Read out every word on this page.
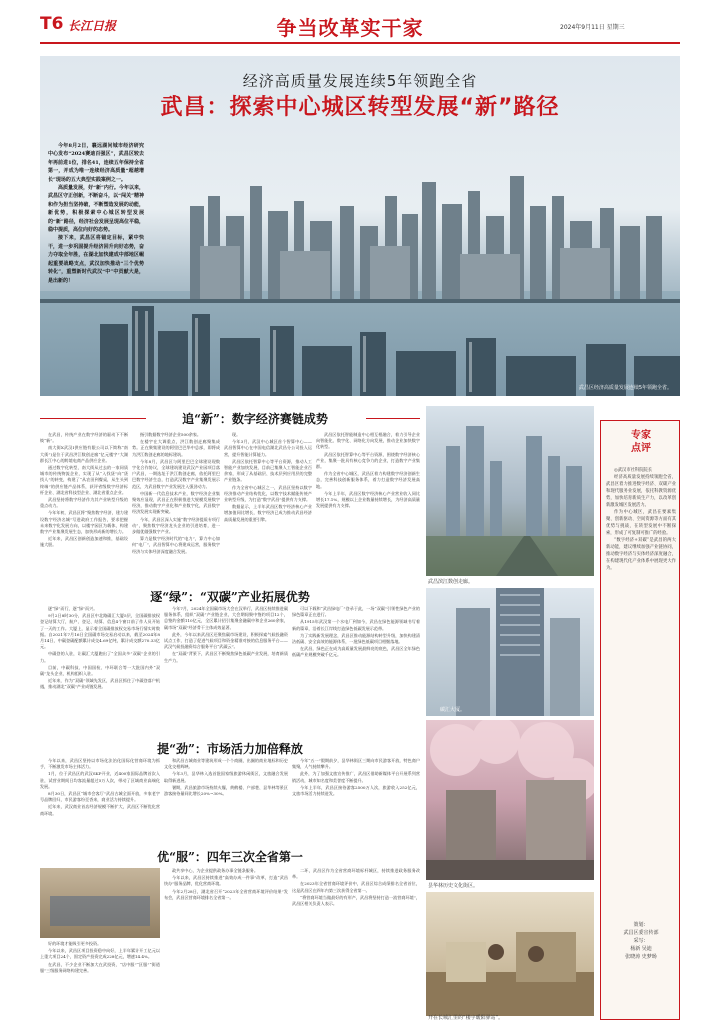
T6 长江日报	争当改革实干家	2024年9月11日 星期三
经济高质量发展连续5年领跑全省
武昌：探索中心城区转型发展“新”路径
武昌区经济高质量发展连续5年领跑全省。

今年8月2日，襄远湖问城市经济研究中心发布“2024赛迪百强区”，武昌区较去年再前进1位，排名41，连续五年保持全省第一，并成为唯一连续经济高质量“超越增长”现场的五大典型实践案例之一。

高质量发展，好“新”内行。今年以来，武昌区守正创新，不断奋斗，以“闯关”精神和作为担当坚持破，不断塑造发展的动能，新优势，积极探索中心城区转型发展的“新”路径，经济社会发展呈现高位平稳，稳中提质，高位向好的态势。

接下来，武昌区将锚定目标，紧中快干，进一步巩固提升经济回升向好态势，奋力夺取全年胜，在湖北加快建成中部地区崛起重要战略支点，武汉加快推动“三个优势转化”，重塑新时代武汉“中”中贡献大是，是出新的！

追“新”：数字经济赛链成势

在武昌，传统产业在数字经济的驱动下不断焕“新”。

南大街X武汉I供应链有限公司以下简称“南大街”)是位于武昌洪江数创走廊“亿元楼宇”大湖群长江中心的跨境电商产品供应企业。

通过数字化转型，南大街从过去的一家同质城市的传统物流企业，实现了从“入找货”向“货找人”的转变，构建了“从农田到餐桌，从生头到终端”的供应链产品体系，获评省级数字经济标杆企业、湖北省科技型企业、湖北省重点企业。

武昌坚持将数字经济作为其产业转型升级的重点动力。

今年年初，武昌区将“聚焦数字经济，建力建设数字经济名城”写进政府工作报告，要求把握未来数字化发展方向，以楼宇园区为载体，构建数字产业集聚发展生态，加快形成新的增长力。

近年来，武昌区创新创造加速和推，基础设施大胆。

指引数据数字经济企业500余家。

在楼宇在大调重点，洪江数创走廊聚集成势。正在聚集建设的阿里巴巴华中总部，即将成为洪江数创走廊的地标建筑。

今年8月，武昌区与阿里巴巴全球建设现数字化合作协议，全球建筑建设武汉产业园项目落户武昌，一期选址于洪江数创走廊，依托阿里巴巴数字经济生态，打造武汉数字产业集聚发展示范区，为武昌数字产业发展注入强劲动力。

中国新一代信息技术产业，数字经济企业集聚效应显现，武昌正在积极推进大规模发展数字经济，推动数字产业化和产业数字化，武昌数字经济发展实现新突破。

今年，武昌区深入实施“数字经济提质专项行动”，聚焦数字经济龙头企业的引进培育，进一步做优做强数字产业。

算力是数字经济时代的“电力”，算力中心如何“电厂”，武昌智算中心将建成运营，服务数字经济与实体经济深度融合发展。

现。

今年3月，武汉中心城区首个智算中心——武昌智算中心在中国电信湖北武昌分公司投入运营，提升智能计算能力。

武昌区依托智算中心等平台资源，推动人工智能产业加快发展，目前已集聚人工智能企业百余家，形成了从基础层、技术层到应用层的完整产业链条。

作为全省中心城区之一，武昌区坚持以数字经济推动产业结构优化，以数字技术赋能传统产业转型升级，为打造“数字武昌”提供有力支撑。

数据显示，上半年武昌区数字经济核心产业增加值同比增长，数字经济已成为推动武昌经济高质量发展的重要引擎。

武昌区依托智能制造中心相互相融合，着力引导企业向智能化、数字化、网络化方向发展，推动企业加快数字化转型。

武昌区依托智算中心等平台资源，围绕数字经济核心产业，集聚一批具有核心竞争力的企业，打造数字产业集群。

作为全省中心城区，武昌区着力构建数字经济创新生态，完善科技创新服务体系，着力打造数字经济发展高地。

今年上半年，武昌区数字经济核心产业营业收入同比增长17.1%，规模以上企业数量持续增长，为经济高质量发展提供有力支撑。

逐“绿”：“双碳”产业拓展优势

逐“绿”而行，逐“绿”而兴。

9月2日8时30分，武昌区中北路碳汇大厦5层，全国碳排放权登记结算大厅，航户、登记、结算、信息4个窗口前了作人员开始了一天的工作。大厦上，显示着全国碳排放权交易市场行情实时数据。自2021年7月16日全国碳市场交易启动以来，截至2024年8月14日，中碳登碳配额累计成交4.69亿吨，累计成交额270.33亿元。

中碳登的入驻，让碳汇大厦跑出了“全国众多”双碳”企业的引力。

目前，中碳科技、中国国检、中环联合等一大批国内外“双碳”龙头企业，机构组织入驻。

近年来，作为“双碳”领域先发区，武昌区抓住了中碳登落户机遇，推动湖北“双碳”产业成链发展。

今年7月，2024年全国碳市场大会在汉举行，武昌区持续推进碳服务体系，组织“双碳”产业链企业，大会期间聚中签约项目12个，总签约金额110亿元，全区累计招引集聚金融碳中和企业260余家，碳市场“双碳”经济骨干主体成效显著。

此外，今年以来武昌区还聚焦碳市场建设，积极探索气候投融资试点工作，打造了促进气候项目和资金精准对接的信息服务平台——武汉气候投融资综合服务平台“武碳云”。

在“双碳”背景下，武昌区不断聚焦绿色低碳产业发展，培育新质生产力。

可以下载和“武昌绿电厂”登录于此，一场“双碳”引领性绿色产业的绿色篇章正在进行。

从1915年武汉第一个水电厂到如今，武昌在绿色能源领域书写着新的篇章，沿着长江岸线打造绿色低碳发展示范带。

为了实践新发展理念，武昌区推动能源结构转型升级，加快构建清洁低碳、安全高效的能源体系，一批绿色低碳项目相继落地。

在武昌，绿色正在成为高质量发展最鲜亮的底色，武昌区全年绿色低碳产业规模突破千亿元。

提“劲”：市场活力加倍释放

今年以来，武昌区坚持以市场化法治化国际化营商环境为抓手，不断激发市场主体活力。

1月，位于武昌区的武汉SKP开业，近400家国际品牌首次入驻，试营业期间日均客流量超过5万人次，带动了区域商业高端化发展。

8月30日，武昌区“城市会客厅”武昌古城全面开放，多家老字号品牌回归，市民游客纷至沓来，商业活力持续提升。

近年来，武汉商业首店经济规模不断扩大，武昌区不断优化营商环境。

和武昌古城商业等建筑形成一个个商圈，出圈的商业地标和历史文化交相辉映。

今年3月，昙华林入选首批国家级旅游休闲街区，文旅融合发展取得新进展。

暑期，武昌旅游市场持续火爆，黄鹤楼、户部巷、昙华林等景区游客接待量同比增长20%~30%。

今年“五一”假期前夕，昙华林街区三期向市民游客开放，特色商户集聚，人气持续攀升。

此外，为了加强文旅宣传推广，武昌区借助新媒体平台开展系列营销活动，城市知名度和美誉度不断提升。

今年上半年，武昌区接待游客2500万人次，旅游收入252亿元，文旅市场活力持续迸发。

优“服”：四年三次全省第一

好的环境才能吸引更多投资。

今年以来，武昌区项目投资稳中向好，上半年累计开工亿元以上重大项目24个，固定资产投资完成228亿元，增速14.4%。

在武昌，不少企业不断加大在武投资，“店中服”“区服”“街道服”三级服务网络构建完善。

政共享中心，为企业提供政务办事全链条服务。

今年以来，武昌区持续推进“高效办成一件事”改革，打造“武昌快办”服务品牌，优化营商环境。

今年2月28日，湖北省召开“2023年全省营商环境评价结果”发布会，武昌区营商环境排名全省第一。

二环，武昌区作为全省营商环境标杆城区，持续推进政务服务改革。

在2023年全省营商环境评价中，武昌区综合成绩排名全省首位，这是武昌区在四年内第三次获得全省第一。

“将营商环境当做最好的有形产，武昌将坚持打造一流营商环境”，武昌区相关负责人表示。

武昌滨江数创走廊。
碳汇大厦。
昙华林历史文化街区。
开在长城汇里的“楼宇暖阳驿站”。
专家
点评

◎武汉市社科院院长

经济高质量发展持续领跑全省，武昌区着力推进数字经济、双碳产业和现代服务业发展，依托科教资源优势，加快培育新质生产力，以改革创新激发城区发展活力。

作为中心城区，武昌在要素集聚、创新驱动、空间资源等方面有其优势与挑战，在转型发展中不断探索，形成了可复制可推广的经验。

“数字经济+双碳”是武昌的两大新动能，建议继续加强产业链协同，推动数字经济与实体经济深度融合，在构建现代化产业体系中展现更大作为。

策划：
武昌区委宣传部
采写：
杨新 吴迪
张晓涛 史梦旸
